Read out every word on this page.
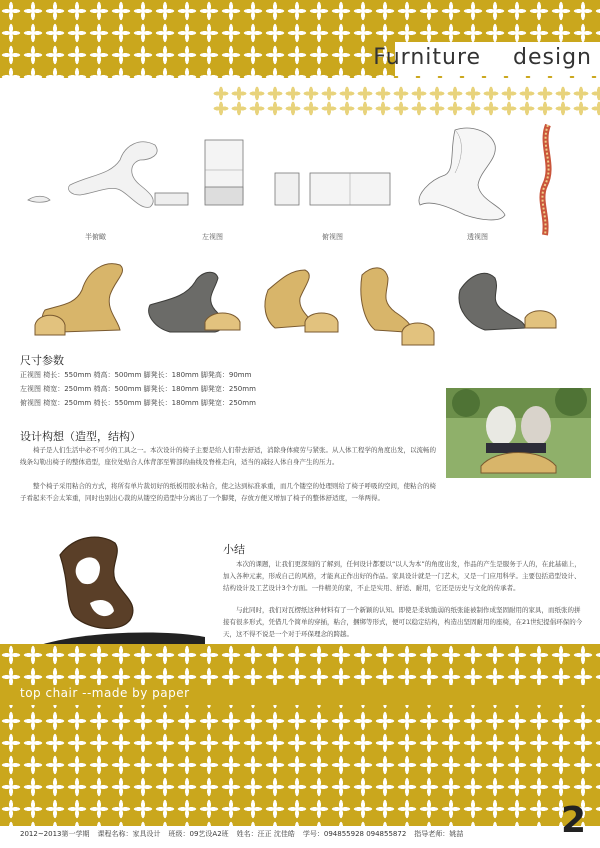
Furniture    design
半俯瞰	左视图	俯视图	透视图
尺寸参数
正视图 椅长：550mm 椅高：500mm 脚凳长：180mm 脚凳高：90mm
左视图 椅宽：250mm 椅高：500mm 脚凳长：180mm 脚凳宽：250mm
俯视图 椅宽：250mm 椅长：550mm 脚凳长：180mm 脚凳宽：250mm
设计构想（造型，结构）
椅子是人们生活中必不可少的工具之一。本次设计的椅子主要是给人们带去舒适，消除身体疲劳与紧张。从人体工程学的角度出发，以流畅的线条勾勒出椅子的整体造型，座位处贴合人体背部至臀部的曲线及脊椎走向，适当的减轻人体自身产生的压力。
整个椅子采用粘合的方式，将所有单片裁切好的纸板用胶水粘合，使之达到标准承重，而几个镂空的处理则给了椅子呼吸的空间，使粘合的椅子看起来不会太笨重，同时也别出心裁的从镂空的造型中分离出了一个脚凳，存放方便又增加了椅子的整体舒适度，一举两得。
小结
本次的课题，让我们更深刻的了解到，任何设计都要以“以人为本”的角度出发，作品的产生是服务于人的，在此基础上，加入各种元素，形成自己的风格，才能真正作出好的作品。家具设计就是一门艺术，又是一门应用科学。主要包括造型设计、结构设计及工艺设计3个方面。一件精美的家，不止是实用、舒适、耐用，它还是历史与文化的传承者。
与此同时，我们对瓦楞纸这种材料有了一个新颖的认知。即使是柔软脆弱的纸张能被制作成坚固耐用的家具，而纸张的拼接有很多形式，凭借几个简单的穿插，粘合，捆绑等形式，便可以稳定结构，构造出坚固耐用的座椅，在21世纪提倡环保的今天，这不得不说是一个对于环保理念的跨越。
top chair --made by paper
2012~2013第一学期 课程名称：家具设计 班级：09艺设A2班 姓名：汪正 沈佳皓 学号：094855928 094855872 指导老师：姚喆	2
